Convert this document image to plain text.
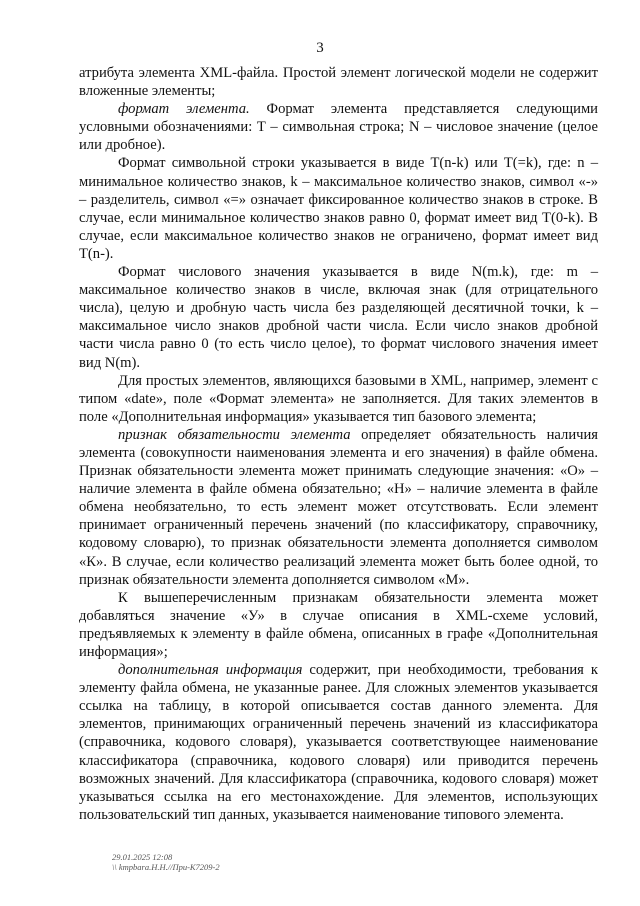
3

атрибута элемента XML-файла. Простой элемент логической модели не содержит вложенные элементы;

формат элемента. Формат элемента представляется следующими условными обозначениями: Т – символьная строка; N – числовое значение (целое или дробное).

Формат символьной строки указывается в виде T(n-k) или T(=k), где: n – минимальное количество знаков, k – максимальное количество знаков, символ «-» – разделитель, символ «=» означает фиксированное количество знаков в строке. В случае, если минимальное количество знаков равно 0, формат имеет вид Т(0-k). В случае, если максимальное количество знаков не ограничено, формат имеет вид Т(n-).

Формат числового значения указывается в виде N(m.k), где: m – максимальное количество знаков в числе, включая знак (для отрицательного числа), целую и дробную часть числа без разделяющей десятичной точки, k – максимальное число знаков дробной части числа. Если число знаков дробной части числа равно 0 (то есть число целое), то формат числового значения имеет вид N(m).

Для простых элементов, являющихся базовыми в XML, например, элемент с типом «date», поле «Формат элемента» не заполняется. Для таких элементов в поле «Дополнительная информация» указывается тип базового элемента;

признак обязательности элемента определяет обязательность наличия элемента (совокупности наименования элемента и его значения) в файле обмена. Признак обязательности элемента может принимать следующие значения: «О» – наличие элемента в файле обмена обязательно; «Н» – наличие элемента в файле обмена необязательно, то есть элемент может отсутствовать. Если элемент принимает ограниченный перечень значений (по классификатору, справочнику, кодовому словарю), то признак обязательности элемента дополняется символом «К». В случае, если количество реализаций элемента может быть более одной, то признак обязательности элемента дополняется символом «М».

К вышеперечисленным признакам обязательности элемента может добавляться значение «У» в случае описания в XML-схеме условий, предъявляемых к элементу в файле обмена, описанных в графе «Дополнительная информация»;

дополнительная информация содержит, при необходимости, требования к элементу файла обмена, не указанные ранее. Для сложных элементов указывается ссылка на таблицу, в которой описывается состав данного элемента. Для элементов, принимающих ограниченный перечень значений из классификатора (справочника, кодового словаря), указывается соответствующее наименование классификатора (справочника, кодового словаря) или приводится перечень возможных значений. Для классификатора (справочника, кодового словаря) может указываться ссылка на его местонахождение. Для элементов, использующих пользовательский тип данных, указывается наименование типового элемента.

29.01.2025 12:08
\\ kmpbara.Н.Н.//При-К7209-2
